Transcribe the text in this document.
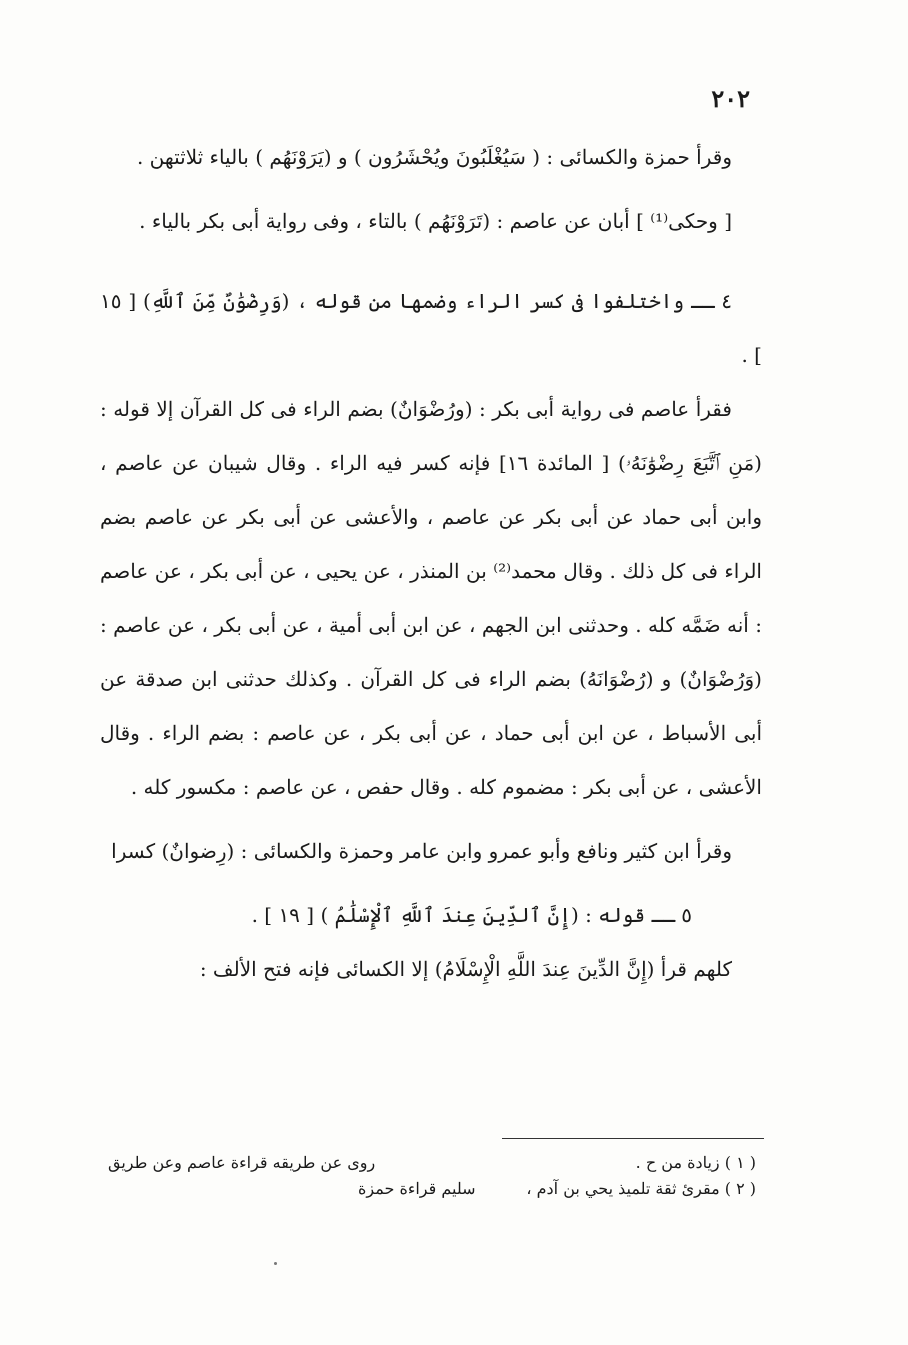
٢٠٢

وقرأ حمزة والكسائى : ( سَيُغْلَبُونَ ويُحْشَرُون ) و (يَرَوْنَهُم ) بالياء ثلاثتهن .

[ وحكى⁽¹⁾ ] أبان عن عاصم : (تَرَوْنَهُم ) بالتاء ، وفى رواية أبى بكر بالياء .

٤ ــ واختلفوا فى كسر الراء وضمها من قوله ، (وَرِضْوَٰنٌ مِّنَ ٱللَّهِ) [ ١٥ ] .

فقرأ عاصم فى رواية أبى بكر : (ورُضْوَانٌ) بضم الراء فى كل القرآن إلا قوله : (مَنِ ٱتَّبَعَ رِضْوَٰنَهُۥ) [ المائدة ١٦] فإنه كسر فيه الراء . وقال شيبان عن عاصم ، وابن أبى حماد عن أبى بكر عن عاصم ، والأعشى عن أبى بكر عن عاصم بضم الراء فى كل ذلك . وقال محمد⁽²⁾ بن المنذر ، عن يحيى ، عن أبى بكر ، عن عاصم : أنه ضَمَّه كله . وحدثنى ابن الجهم ، عن ابن أبى أمية ، عن أبى بكر ، عن عاصم : (وَرُضْوَانٌ) و (رُضْوَانَهُ) بضم الراء فى كل القرآن . وكذلك حدثنى ابن صدقة عن أبى الأسباط ، عن ابن أبى حماد ، عن أبى بكر ، عن عاصم : بضم الراء . وقال الأعشى ، عن أبى بكر : مضموم كله . وقال حفص ، عن عاصم : مكسور كله .

وقرأ ابن كثير ونافع وأبو عمرو وابن عامر وحمزة والكسائى : (رِضوانٌ) كسرا

٥ ــ قوله : (إِنَّ ٱلدِّينَ عِندَ ٱللَّهِ ٱلْإِسْلَٰمُ ) [ ١٩ ] .

كلهم قرأ (إِنَّ الدِّينَ عِندَ اللَّهِ الْإِسْلَامُ) إلا الكسائى فإنه فتح الألف :

( ١ ) زيادة من ح .
روى عن طريقه قراءة عاصم وعن طريق
( ٢ ) مقرئ ثقة تلميذ يحي بن آدم ،
سليم قراءة حمزة
